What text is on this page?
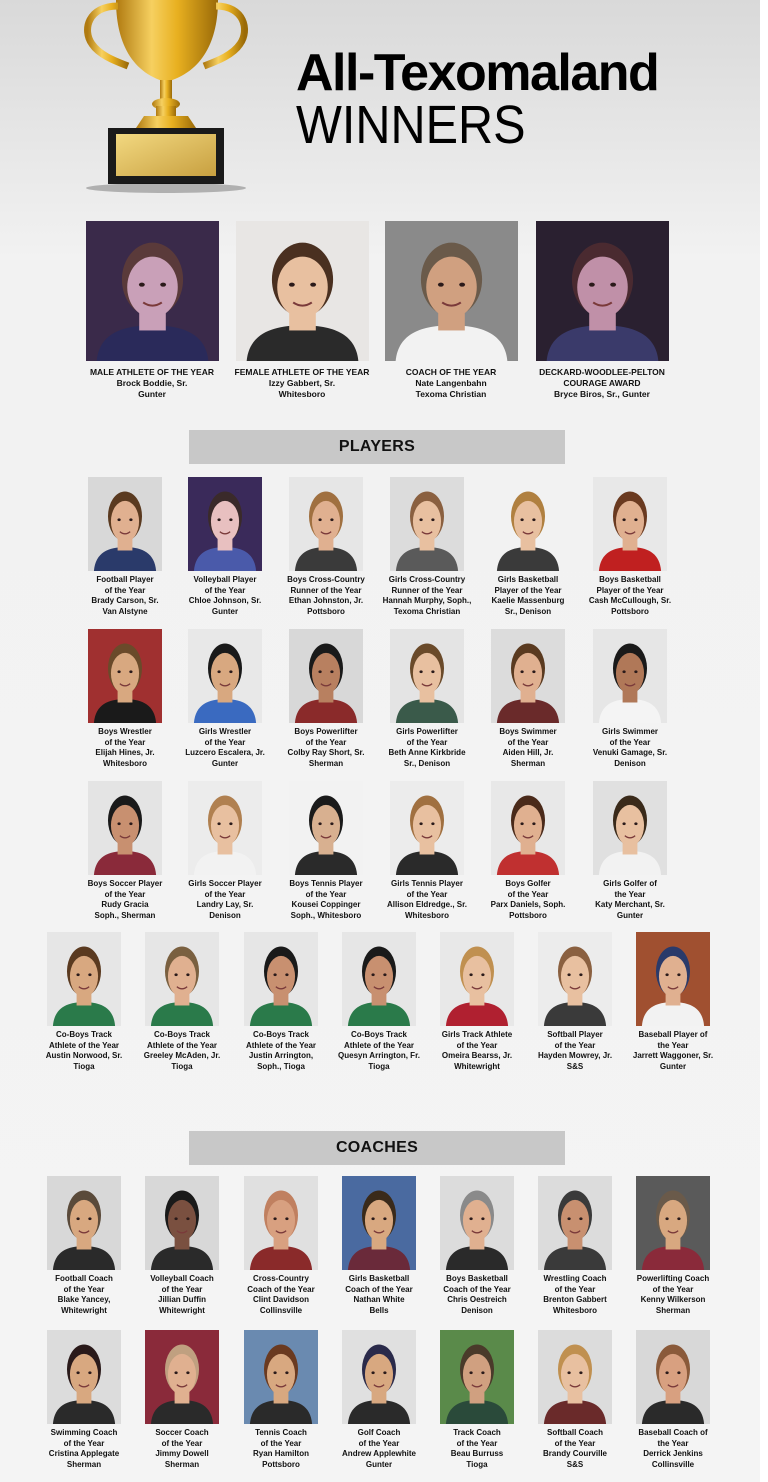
All-Texomaland
WINNERS
MALE ATHLETE OF THE YEAR
Brock Boddie, Sr.
Gunter
FEMALE ATHLETE OF THE YEAR
Izzy Gabbert, Sr.
Whitesboro
COACH OF THE YEAR
Nate Langenbahn
Texoma Christian
DECKARD-WOODLEE-PELTON
COURAGE AWARD
Bryce Biros, Sr., Gunter
PLAYERS
Football Player
of the Year
Brady Carson, Sr.
Van Alstyne
Volleyball Player
of the Year
Chloe Johnson, Sr.
Gunter
Boys Cross-Country
Runner of the Year
Ethan Johnston, Jr.
Pottsboro
Girls Cross-Country
Runner of the Year
Hannah Murphy, Soph.,
Texoma Christian
Girls Basketball
Player of the Year
Kaelie Massenburg
Sr., Denison
Boys Basketball
Player of the Year
Cash McCullough, Sr.
Pottsboro
Boys Wrestler
of the Year
Elijah Hines, Jr.
Whitesboro
Girls Wrestler
of the Year
Luzcero Escalera, Jr.
Gunter
Boys Powerlifter
of the Year
Colby Ray Short, Sr.
Sherman
Girls Powerlifter
of the Year
Beth Anne Kirkbride
Sr., Denison
Boys Swimmer
of the Year
Aiden Hill, Jr.
Sherman
Girls Swimmer
of the Year
Venuki Gamage, Sr.
Denison
Boys Soccer Player
of the Year
Rudy Gracia
Soph., Sherman
Girls Soccer Player
of the Year
Landry Lay, Sr.
Denison
Boys Tennis Player
of the Year
Kousei Coppinger
Soph., Whitesboro
Girls Tennis Player
of the Year
Allison Eldredge., Sr.
Whitesboro
Boys Golfer
of the Year
Parx Daniels, Soph.
Pottsboro
Girls Golfer of
the Year
Katy Merchant, Sr.
Gunter
Co-Boys Track
Athlete of the Year
Austin Norwood, Sr.
Tioga
Co-Boys Track
Athlete of the Year
Greeley McAden, Jr.
Tioga
Co-Boys Track
Athlete of the Year
Justin Arrington,
Soph., Tioga
Co-Boys Track
Athlete of the Year
Quesyn Arrington, Fr.
Tioga
Girls Track Athlete
of the Year
Omeira Bearss, Jr.
Whitewright
Softball Player
of the Year
Hayden Mowrey, Jr.
S&S
Baseball Player of
the Year
Jarrett Waggoner, Sr.
Gunter
COACHES
Football Coach
of the Year
Blake Yancey,
Whitewright
Volleyball Coach
of the Year
Jillian Duffin
Whitewright
Cross-Country
Coach of the Year
Clint Davidson
Collinsville
Girls Basketball
Coach of the Year
Nathan White
Bells
Boys Basketball
Coach of the Year
Chris Oestreich
Denison
Wrestling Coach
of the Year
Brenton Gabbert
Whitesboro
Powerlifting Coach
of the Year
Kenny Wilkerson
Sherman
Swimming Coach
of the Year
Cristina Applegate
Sherman
Soccer Coach
of the Year
Jimmy Dowell
Sherman
Tennis Coach
of the Year
Ryan Hamilton
Pottsboro
Golf Coach
of the Year
Andrew Applewhite
Gunter
Track Coach
of the Year
Beau Burruss
Tioga
Softball Coach
of the Year
Brandy Courville
S&S
Baseball Coach of
the Year
Derrick Jenkins
Collinsville
